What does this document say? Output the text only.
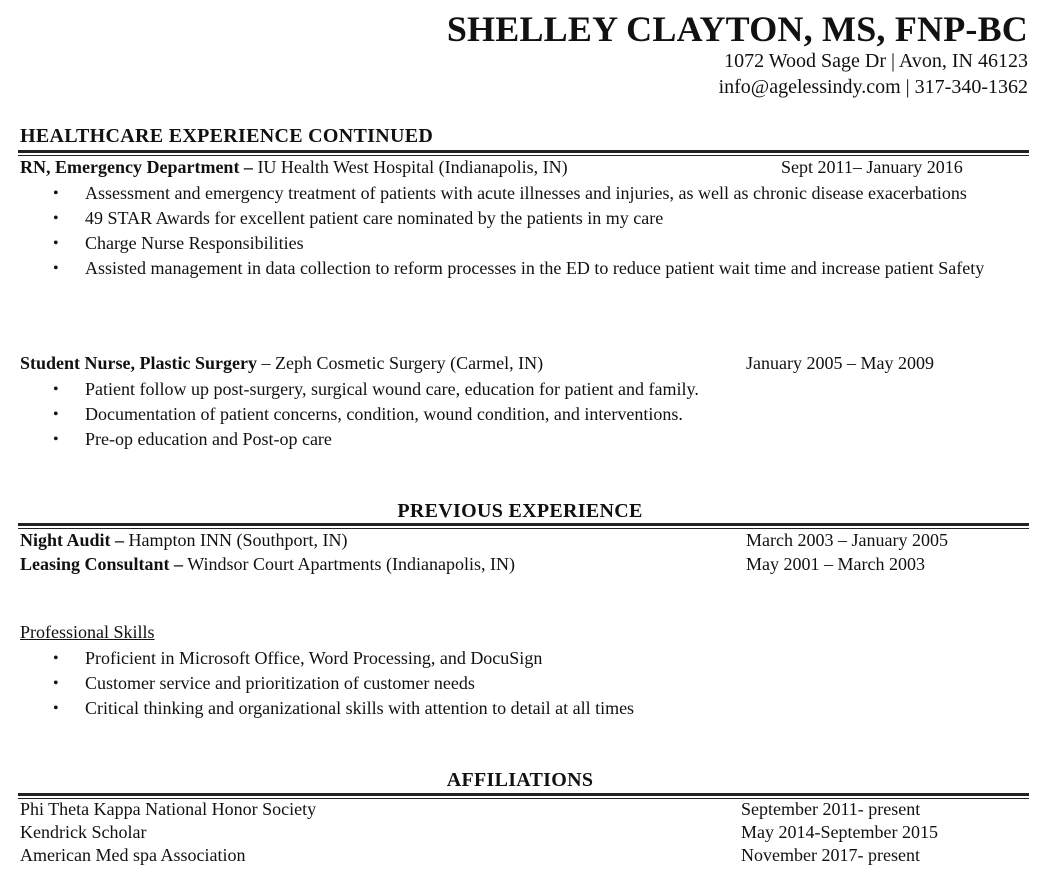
SHELLEY CLAYTON, MS, FNP-BC
1072 Wood Sage Dr | Avon, IN 46123
info@agelessindy.com | 317-340-1362
HEALTHCARE EXPERIENCE CONTINUED
RN, Emergency Department – IU Health West Hospital (Indianapolis, IN)	Sept 2011– January 2016
• Assessment and emergency treatment of patients with acute illnesses and injuries, as well as chronic disease exacerbations
• 49 STAR Awards for excellent patient care nominated by the patients in my care
• Charge Nurse Responsibilities
• Assisted management in data collection to reform processes in the ED to reduce patient wait time and increase patient Safety
Student Nurse, Plastic Surgery – Zeph Cosmetic Surgery (Carmel, IN)	January 2005 – May 2009
• Patient follow up post-surgery, surgical wound care, education for patient and family.
• Documentation of patient concerns, condition, wound condition, and interventions.
• Pre-op education and Post-op care
PREVIOUS EXPERIENCE
Night Audit – Hampton INN (Southport, IN)	March 2003 – January 2005
Leasing Consultant – Windsor Court Apartments (Indianapolis, IN)	May 2001 – March 2003
Professional Skills
• Proficient in Microsoft Office, Word Processing, and DocuSign
• Customer service and prioritization of customer needs
• Critical thinking and organizational skills with attention to detail at all times
AFFILIATIONS
Phi Theta Kappa National Honor Society	September 2011- present
Kendrick Scholar	May 2014-September 2015
American Med spa Association	November 2017- present
